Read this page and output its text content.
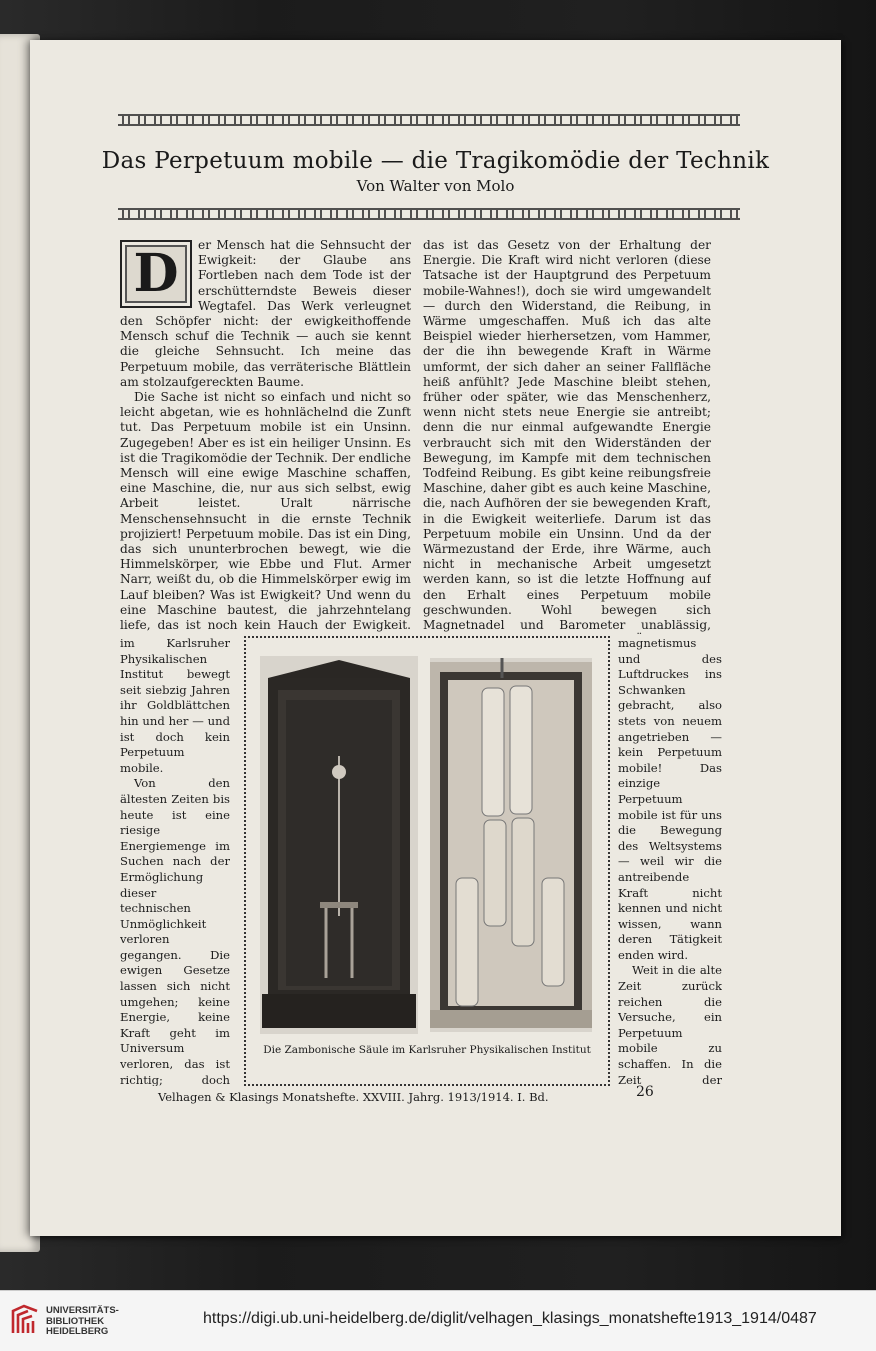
Das Perpetuum mobile — die Tragikomödie der Technik
Von Walter von Molo
D	er Mensch hat die Sehnsucht der Ewigkeit: der Glaube ans Fortleben nach dem Tode ist der erschütterndste Beweis dieser Wegtafel. Das Werk verleugnet den Schöpfer nicht: der ewigkeithoffende Mensch schuf die Technik — auch sie kennt die gleiche Sehnsucht. Ich meine das Perpetuum mobile, das verräterische Blättlein am stolzaufgereckten Baume.

Die Sache ist nicht so einfach und nicht so leicht abgetan, wie es hohnlächelnd die Zunft tut. Das Perpetuum mobile ist ein Unsinn. Zugegeben! Aber es ist ein heiliger Unsinn. Es ist die Tragikomödie der Technik. Der endliche Mensch will eine ewige Maschine schaffen, eine Maschine, die, nur aus sich selbst, ewig Arbeit leistet. Uralt närrische Menschensehnsucht in die ernste Technik projiziert! Perpetuum mobile. Das ist ein Ding, das sich ununterbrochen bewegt, wie die Himmelskörper, wie Ebbe und Flut. Armer Narr, weißt du, ob die Himmelskörper ewig im Lauf bleiben? Was ist Ewigkeit? Und wenn du eine Maschine bautest, die jahrzehntelang liefe, das ist noch kein Hauch der Ewigkeit.

im Karlsruher Physikalischen Institut bewegt seit siebzig Jahren ihr Goldblättchen hin und her — und ist doch kein Perpetuum mobile.

Von den ältesten Zeiten bis heute ist eine riesige Energiemenge im Suchen nach der Ermöglichung dieser technischen Unmöglichkeit verloren gegangen. Die ewigen Gesetze lassen sich nicht umgehen; keine Energie, keine Kraft geht im Universum verloren, das ist richtig; doch

das ist das Gesetz von der Erhaltung der Energie. Die Kraft wird nicht verloren (diese Tatsache ist der Hauptgrund des Perpetuum mobile-Wahnes!), doch sie wird umgewandelt — durch den Widerstand, die Reibung, in Wärme umgeschaffen. Muß ich das alte Beispiel wieder hierhersetzen, vom Hammer, der die ihn bewegende Kraft in Wärme umformt, der sich daher an seiner Fallfläche heiß anfühlt? Jede Maschine bleibt stehen, früher oder später, wie das Menschenherz, wenn nicht stets neue Energie sie antreibt; denn die nur einmal aufgewandte Energie verbraucht sich mit den Widerständen der Bewegung, im Kampfe mit dem technischen Todfeind Reibung. Es gibt keine reibungsfreie Maschine, daher gibt es auch keine Maschine, die, nach Aufhören der sie bewegenden Kraft, in die Ewigkeit weiterliefe. Darum ist das Perpetuum mobile ein Unsinn. Und da der Wärmezustand der Erde, ihre Wärme, auch nicht in mechanische Arbeit umgesetzt werden kann, so ist die letzte Hoffnung auf den Erhalt eines Perpetuum mobile geschwunden. Wohl bewegen sich Magnetnadel und Barometer unablässig,

magnetismus und des Luftdruckes ins Schwanken gebracht, also stets von neuem angetrieben — kein Perpetuum mobile! Das einzige Perpetuum mobile ist für uns die Bewegung des Weltsystems — weil wir die antreibende Kraft nicht kennen und nicht wissen, wann deren Tätigkeit enden wird.

Weit in die alte Zeit zurück reichen die Versuche, ein Perpetuum mobile zu schaffen. In die Zeit der

Die Zambonische Säule im Karlsruher Physikalischen Institut
Velhagen & Klasings Monatshefte. XXVIII. Jahrg. 1913/1914. I. Bd.	26
UNIVERSITÄTS-
BIBLIOTHEK
HEIDELBERG
https://digi.ub.uni-heidelberg.de/diglit/velhagen_klasings_monatshefte1913_1914/0487
